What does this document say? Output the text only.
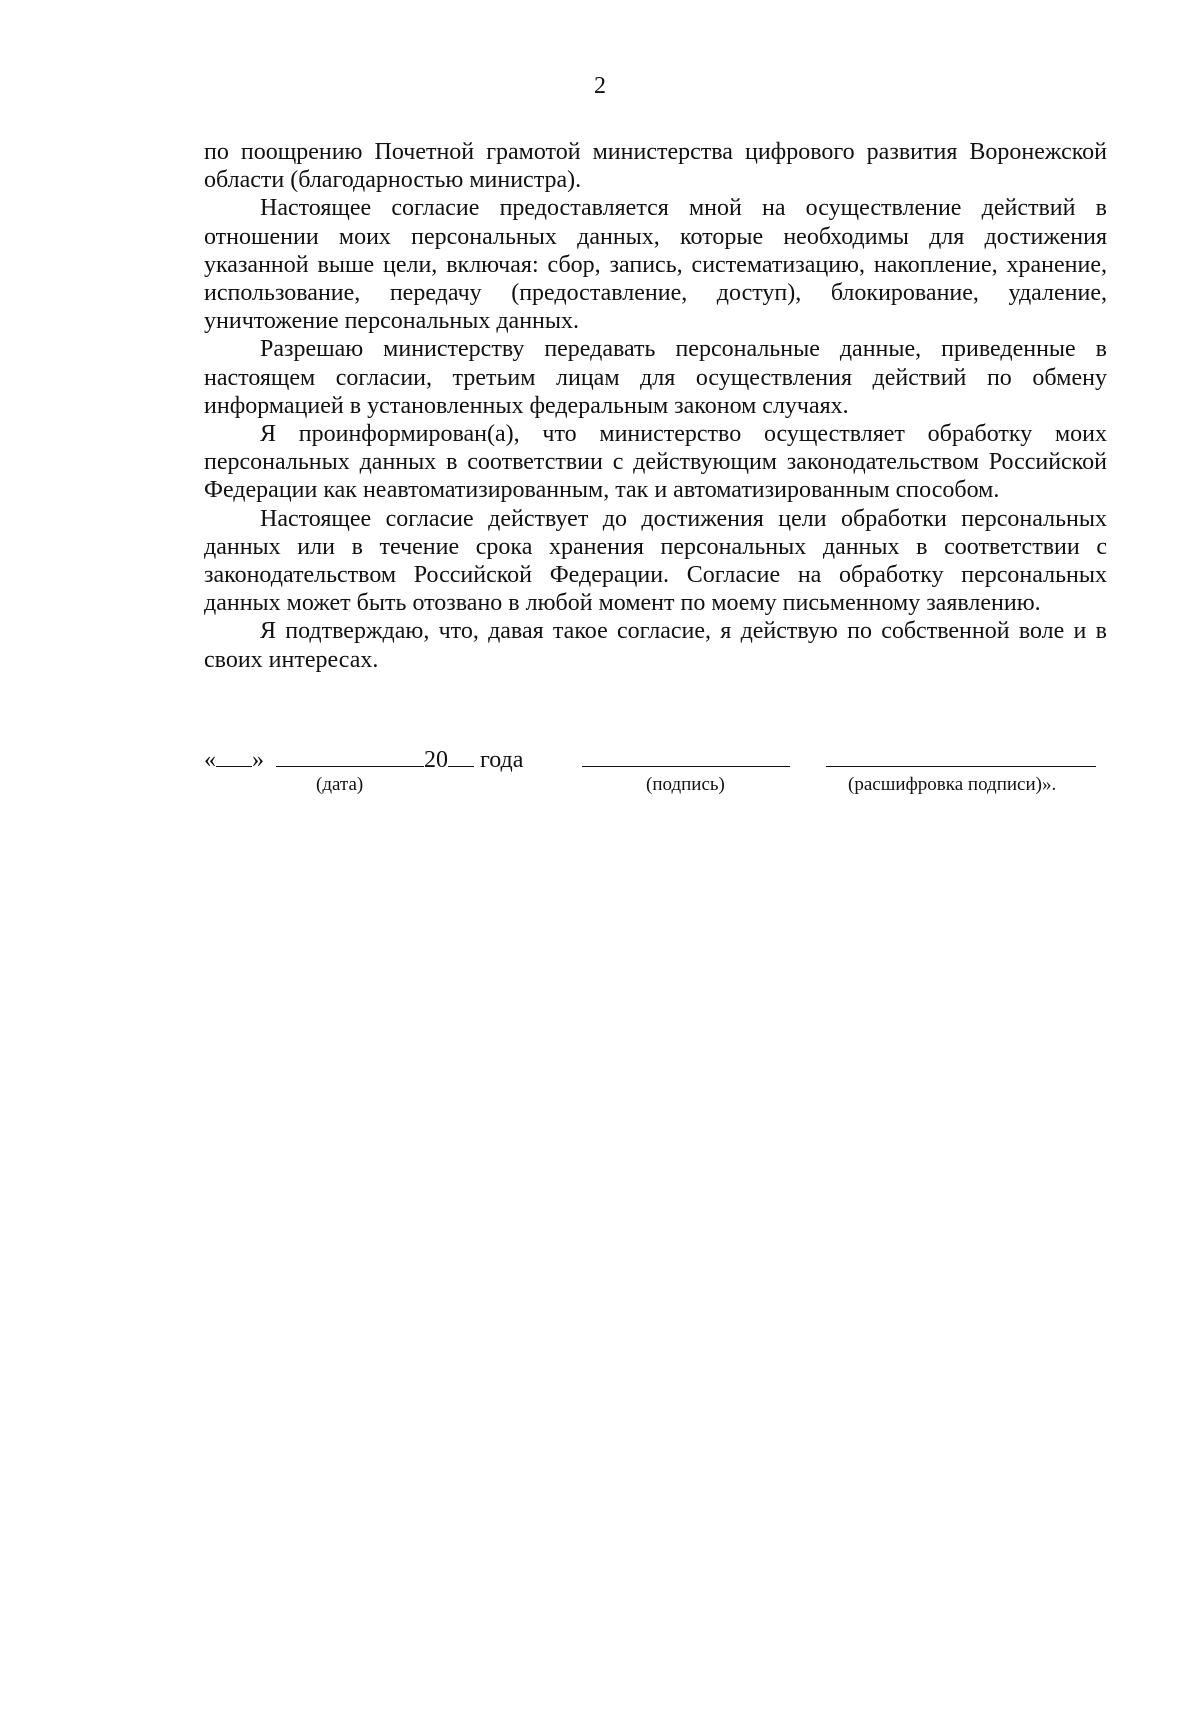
2

по поощрению Почетной грамотой министерства цифрового развития Воронежской области (благодарностью министра).

Настоящее согласие предоставляется мной на осуществление действий в отношении моих персональных данных, которые необходимы для достижения указанной выше цели, включая: сбор, запись, систематизацию, накопление, хранение, использование, передачу (предоставление, доступ), блокирование, удаление, уничтожение персональных данных.

Разрешаю министерству передавать персональные данные, приведенные в настоящем согласии, третьим лицам для осуществления действий по обмену информацией в установленных федеральным законом случаях.

Я проинформирован(а), что министерство осуществляет обработку моих персональных данных в соответствии с действующим законодательством Российской Федерации как неавтоматизированным, так и автоматизированным способом.

Настоящее согласие действует до достижения цели обработки персональных данных или в течение срока хранения персональных данных в соответствии с законодательством Российской Федерации. Согласие на обработку персональных данных может быть отозвано в любой момент по моему письменному заявлению.

Я подтверждаю, что, давая такое согласие, я действую по собственной воле и в своих интересах.

« »	20 года
(дата)	(подпись)	(расшифровка подписи)».
